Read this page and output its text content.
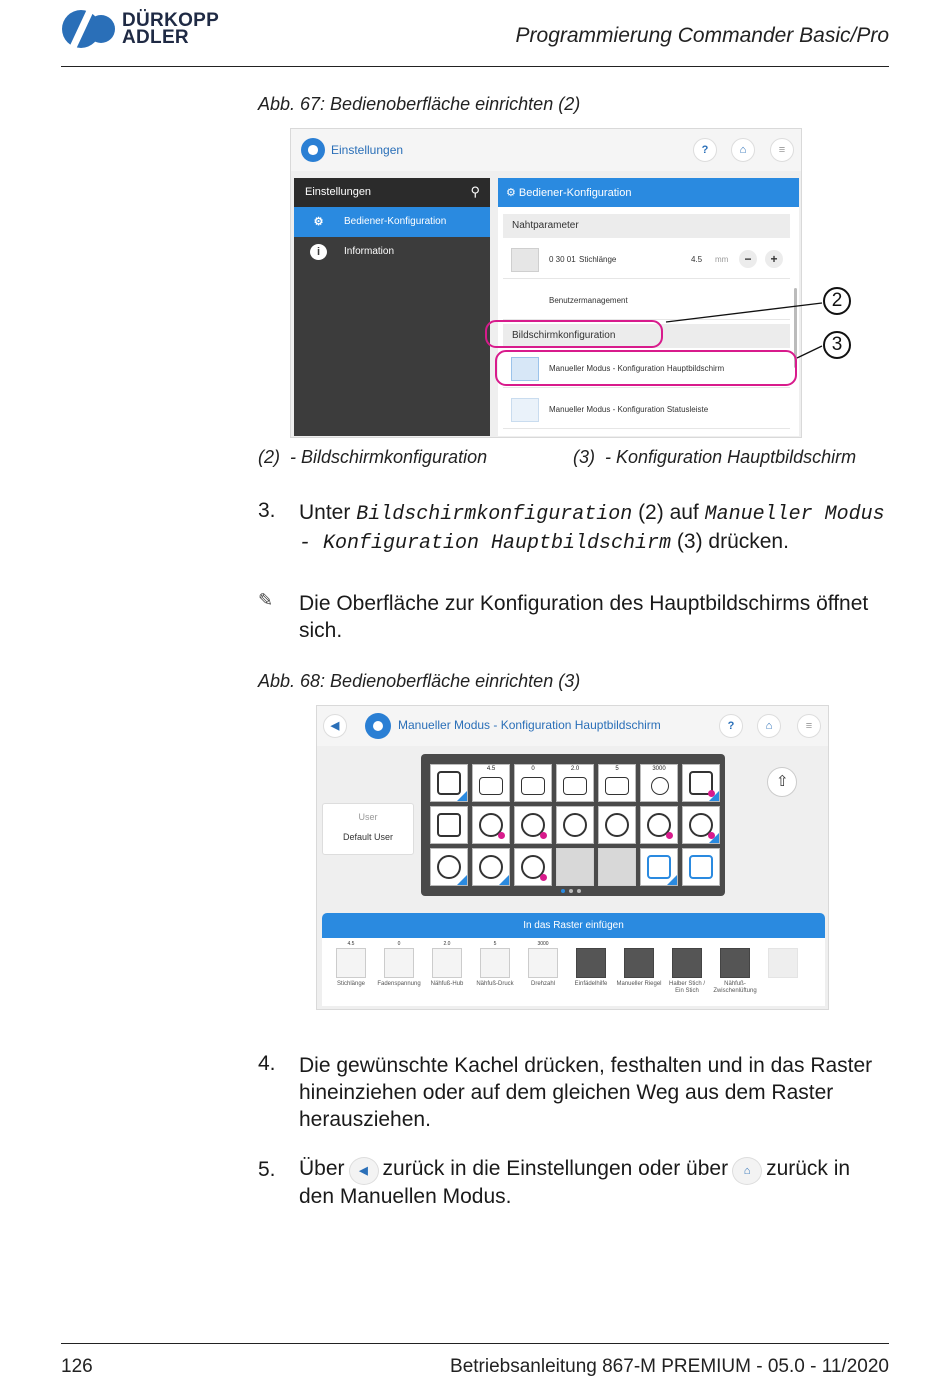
DÜRKOPP
ADLER	Programmierung Commander Basic/Pro
Abb. 67: Bedienoberfläche einrichten (2)
Einstellungen	?	⌂	≡
Einstellungen	⚲
⚙	Bediener-Konfiguration
i	Information
⚙ Bediener-Konfiguration
Nahtparameter
0 30 01 Stichlänge	4.5 mm	−	+
Benutzermanagement
Bildschirmkonfiguration
Manueller Modus - Konfiguration Hauptbildschirm
Manueller Modus - Konfiguration Statusleiste
2
3
(2) - Bildschirmkonfiguration	(3) - Konfiguration Hauptbildschirm
3. Unter Bildschirmkonfiguration (2) auf Manueller Modus - Konfiguration Hauptbildschirm (3) drücken.
✎ Die Oberfläche zur Konfiguration des Hauptbildschirms öffnet sich.
Abb. 68: Bedienoberfläche einrichten (3)
◀	Manueller Modus - Konfiguration Hauptbildschirm	?	⌂	≡
User
Default User
4.5	0	2.0	5	3000
⇧
In das Raster einfügen
4.5
Stichlänge
0
Fadenspannung
2.0
Nähfuß-Hub
5
Nähfuß-Druck
3000
Drehzahl	Einfädelhilfe	Manueller Riegel	Halber Stich / Ein Stich
Nähfuß-Zwischenlüftung
4. Die gewünschte Kachel drücken, festhalten und in das Raster hineinziehen oder auf dem gleichen Weg aus dem Raster herausziehen.
5. Über ◀ zurück in die Einstellungen oder über ⌂ zurück in den Manuellen Modus.
126	Betriebsanleitung 867-M PREMIUM - 05.0 - 11/2020
